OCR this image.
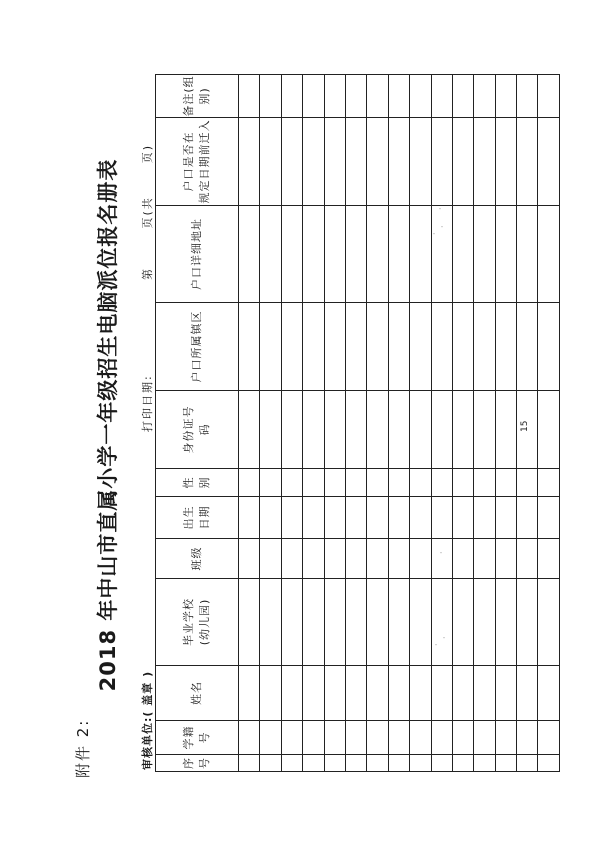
附件 2:
2018 年中山市直属小学一年级招生电脑派位报名册表
审核单位:( 盖章 )
打印日期:
第       页(共      页)
序 号	学籍 号	姓名	毕业学校 (幼儿园)	班级	出生 日期	性 别	身份证号 码	户口所属镇区	户口详细地址	户口是否在 规定日期前迁入	备注(组别)

15
·
·
·
·
·
·
